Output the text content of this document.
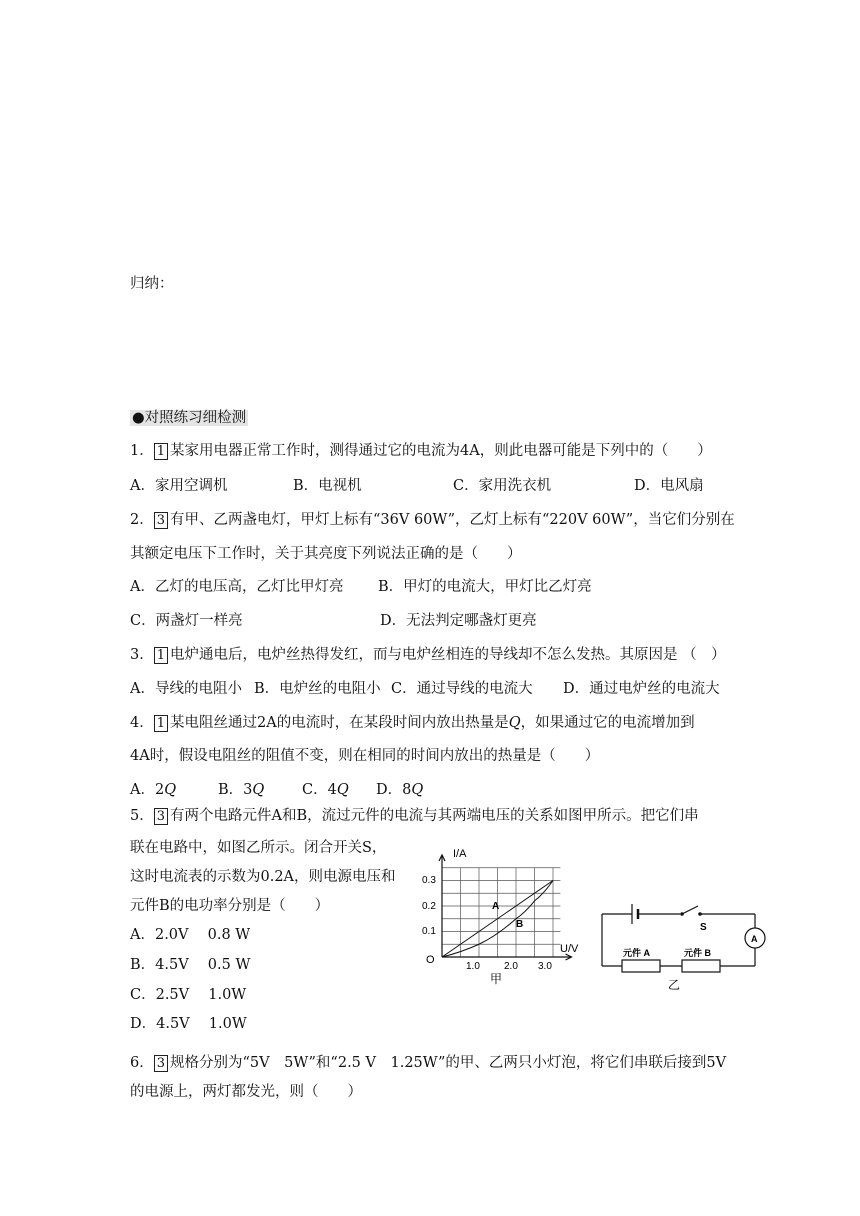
归纳：
●对照练习细检测
1． 1 某家用电器正常工作时，测得通过它的电流为4A，则此电器可能是下列中的（　　）
A．家用空调机	B．电视机	C．家用洗衣机	D．电风扇
2． 3 有甲、乙两盏电灯，甲灯上标有“36V 60W”，乙灯上标有“220V 60W”，当它们分别在
其额定电压下工作时，关于其亮度下列说法正确的是（　　）
A．乙灯的电压高，乙灯比甲灯亮 B．甲灯的电流大，甲灯比乙灯亮
C．两盏灯一样亮	D．无法判定哪盏灯更亮
3． 1 电炉通电后，电炉丝热得发红，而与电炉丝相连的导线却不怎么发热。其原因是 （　）
A．导线的电阻小 B．电炉丝的电阻小 C．通过导线的电流大 D．通过电炉丝的电流大
4． 1 某电阻丝通过2A的电流时，在某段时间内放出热量是Q，如果通过它的电流增加到
4A时，假设电阻丝的阻值不变，则在相同的时间内放出的热量是（　　）
A．2Q	B．3Q	C．4Q D．8Q
5． 3 有两个电路元件A和B，流过元件的电流与其两端电压的关系如图甲所示。把它们串
联在电路中，如图乙所示。闭合开关S，
这时电流表的示数为0.2A，则电源电压和
元件B的电功率分别是（　　）
A．2.0V　 0.8 W
B．4.5V　 0.5 W
C．2.5V　 1.0W
D．4.5V　 1.0W
I/A
U/V
O
0.3
0.2
0.1
1.0 2.0 3.0
A
B
甲
S
A
元件 A	元件 B
乙
6． 3 规格分别为“5V　5W”和“2.5 V　1.25W”的甲、乙两只小灯泡，将它们串联后接到5V
的电源上，两灯都发光，则（　　）
